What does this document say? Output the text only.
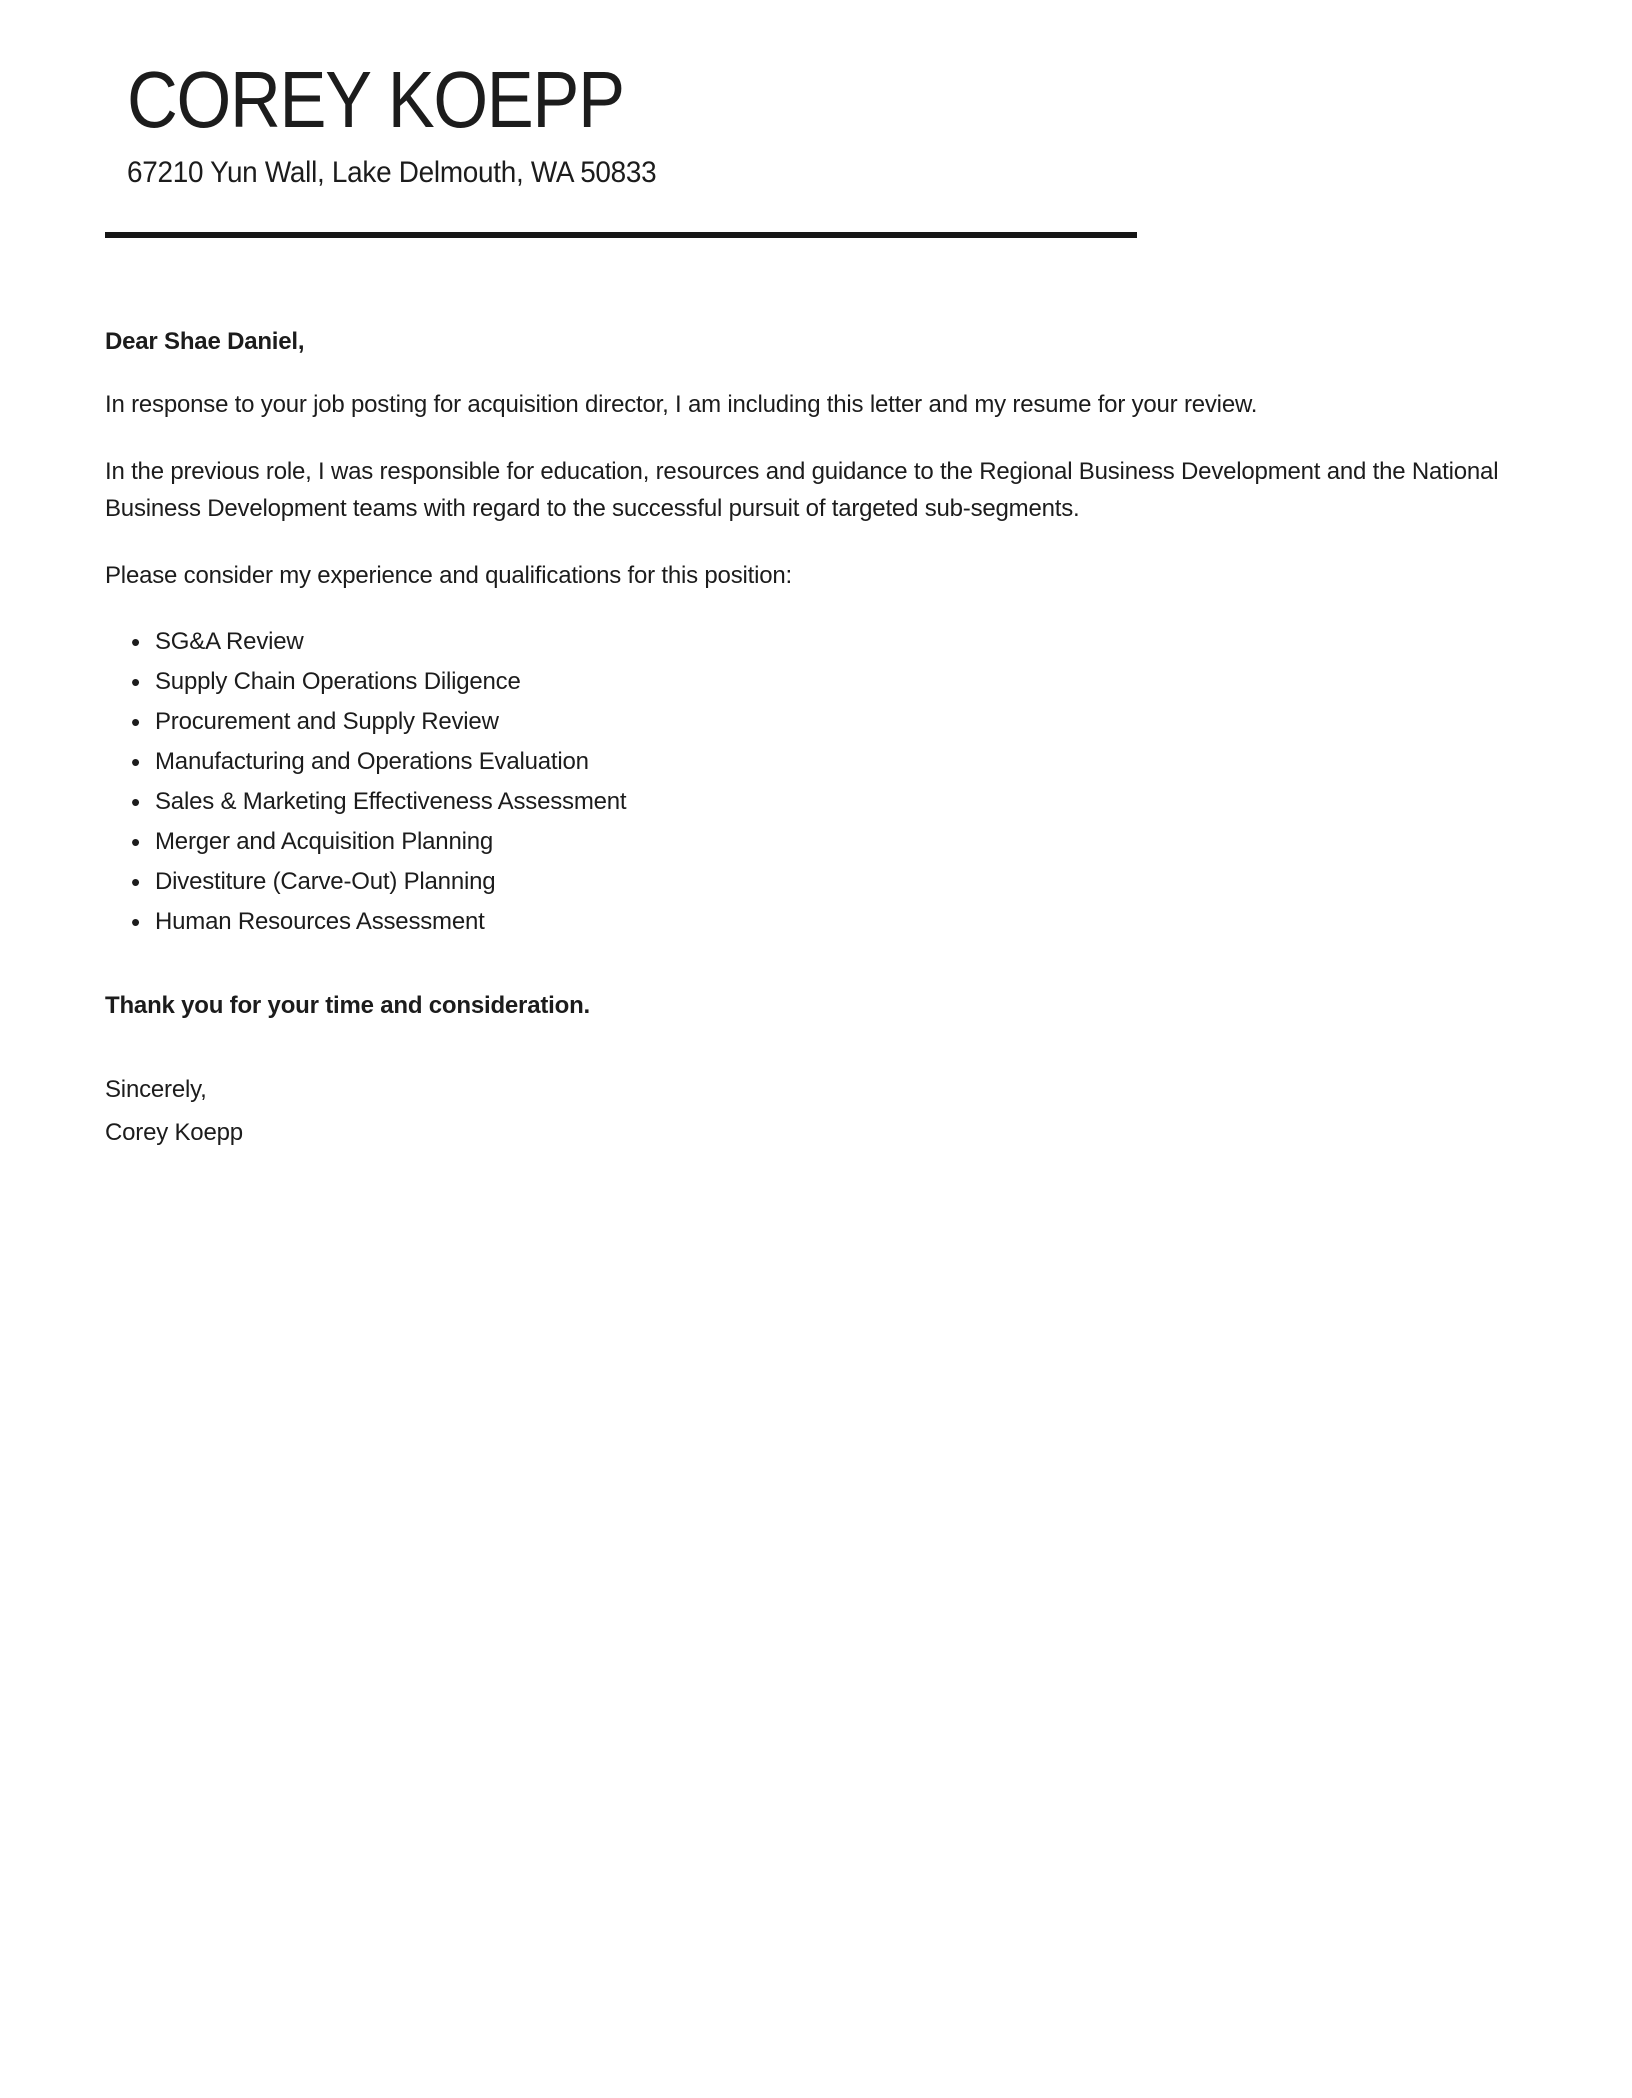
COREY KOEPP
67210 Yun Wall, Lake Delmouth, WA 50833
Dear Shae Daniel,

In response to your job posting for acquisition director, I am including this letter and my resume for your review.

In the previous role, I was responsible for education, resources and guidance to the Regional Business Development and the National Business Development teams with regard to the successful pursuit of targeted sub-segments.

Please consider my experience and qualifications for this position:

• SG&A Review
• Supply Chain Operations Diligence
• Procurement and Supply Review
• Manufacturing and Operations Evaluation
• Sales & Marketing Effectiveness Assessment
• Merger and Acquisition Planning
• Divestiture (Carve-Out) Planning
• Human Resources Assessment
Thank you for your time and consideration.
Sincerely,
Corey Koepp
